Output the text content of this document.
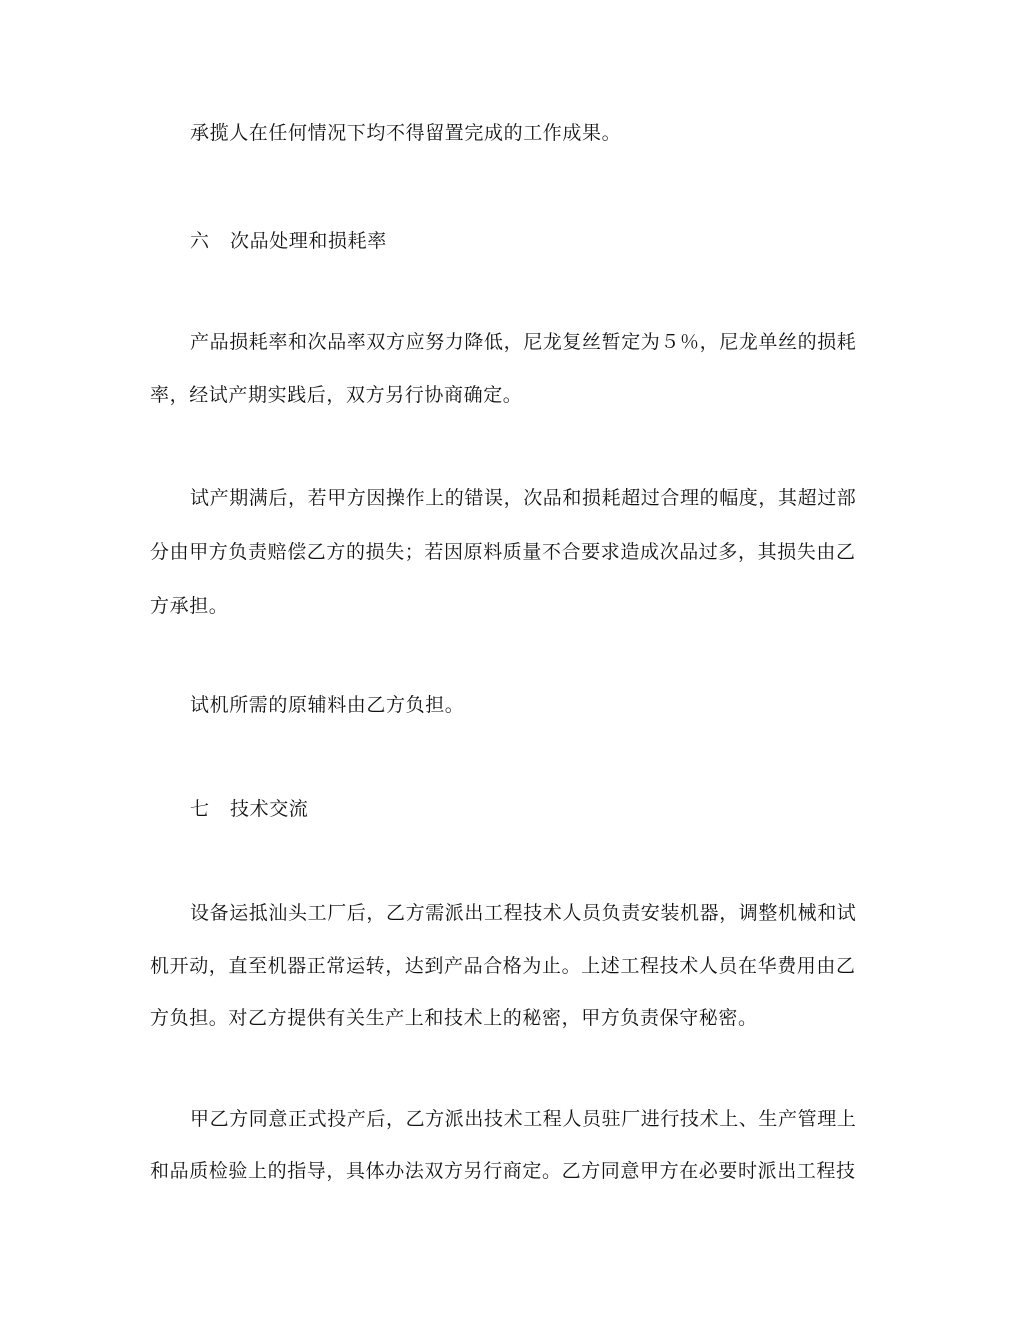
承揽人在任何情况下均不得留置完成的工作成果。
六 次品处理和损耗率
产品损耗率和次品率双方应努力降低，尼龙复丝暂定为５％，尼龙单丝的损耗
率，经试产期实践后，双方另行协商确定。
试产期满后，若甲方因操作上的错误，次品和损耗超过合理的幅度，其超过部
分由甲方负责赔偿乙方的损失；若因原料质量不合要求造成次品过多，其损失由乙
方承担。
试机所需的原辅料由乙方负担。
七 技术交流
设备运抵汕头工厂后，乙方需派出工程技术人员负责安装机器，调整机械和试
机开动，直至机器正常运转，达到产品合格为止。上述工程技术人员在华费用由乙
方负担。对乙方提供有关生产上和技术上的秘密，甲方负责保守秘密。
甲乙方同意正式投产后，乙方派出技术工程人员驻厂进行技术上、生产管理上
和品质检验上的指导，具体办法双方另行商定。乙方同意甲方在必要时派出工程技
